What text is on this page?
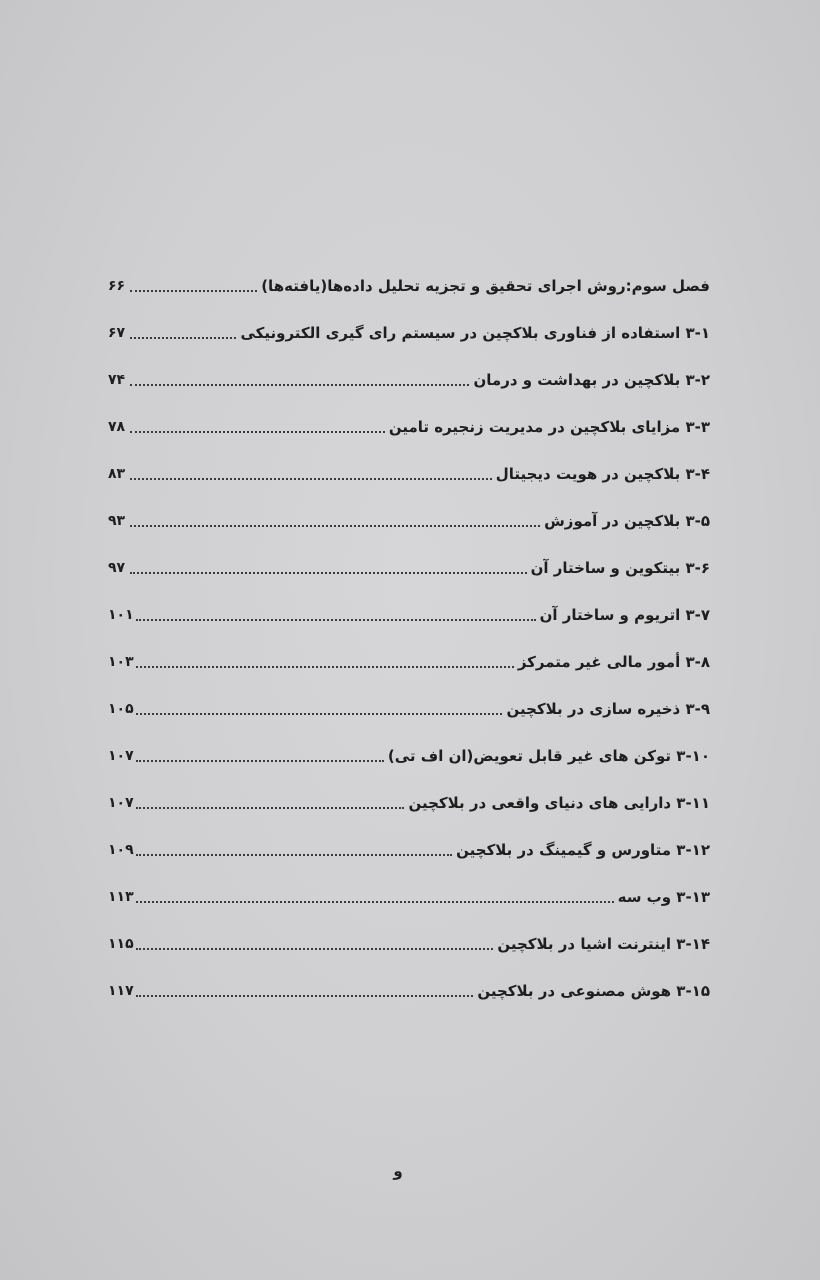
فصل سوم:روش اجرای تحقیق و تجزیه تحلیل داده‌ها(یافته‌ها)
۶۶
۳-۱ استفاده از فناوری بلاکچین در سیستم رای گیری الکترونیکی
۶۷
۳-۲ بلاکچین در بهداشت و درمان
۷۴
۳-۳ مزایای بلاکچین در مدیریت زنجیره تامین
۷۸
۳-۴ بلاکچین در هویت دیجیتال
۸۳
۳-۵ بلاکچین در آموزش
۹۳
۳-۶ بیتکوین و ساختار آن
۹۷
۳-۷ اتریوم و ساختار آن
۱۰۱
۳-۸ أمور مالی غیر متمرکز
۱۰۳
۳-۹ ذخیره سازی در بلاکچین
۱۰۵
۳-۱۰ توکن های غیر قابل تعویض(ان اف تی)
۱۰۷
۳-۱۱ دارایی های دنیای واقعی در بلاکچین
۱۰۷
۳-۱۲ متاورس و گیمینگ در بلاکچین
۱۰۹
۳-۱۳ وب سه
۱۱۳
۳-۱۴ اینترنت اشیا در بلاکچین
۱۱۵
۳-۱۵ هوش مصنوعی در بلاکچین
۱۱۷
و
